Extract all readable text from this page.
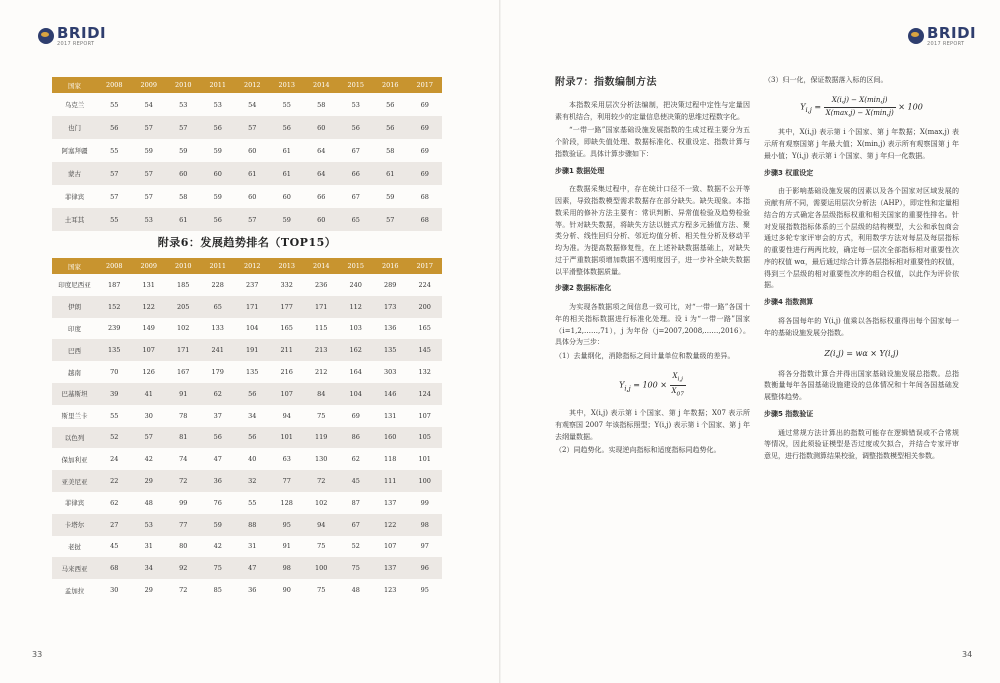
BRIDI
2017 REPORT
BRIDI
2017 REPORT
国家	2008	2009	2010	2011	2012	2013	2014	2015	2016	2017
乌克兰	55	54	53	53	54	55	58	53	56	69
也门	56	57	57	56	57	56	60	56	56	69
阿塞拜疆	55	59	59	59	60	61	64	67	58	69
蒙古	57	57	60	60	61	61	64	66	61	69
菲律宾	57	57	58	59	60	60	66	67	59	68
土耳其	55	53	61	56	57	59	60	65	57	68
附录6：发展趋势排名（TOP15）
国家	2008	2009	2010	2011	2012	2013	2014	2015	2016	2017
印度尼西亚	187	131	185	228	237	332	236	240	289	224
伊朗	152	122	205	65	171	177	171	112	173	200
印度	239	149	102	133	104	165	115	103	136	165
巴西	135	107	171	241	191	211	213	162	135	145
越南	70	126	167	179	135	216	212	164	303	132
巴基斯坦	39	41	91	62	56	107	84	104	146	124
斯里兰卡	55	30	78	37	34	94	75	69	131	107
以色列	52	57	81	56	56	101	119	86	160	105
保加利亚	24	42	74	47	40	63	130	62	118	101
亚美尼亚	22	29	72	36	32	77	72	45	111	100
菲律宾	62	48	99	76	55	128	102	87	137	99
卡塔尔	27	53	77	59	88	95	94	67	122	98
老挝	45	31	80	42	31	91	75	52	107	97
马来西亚	68	34	92	75	47	98	100	75	137	96
孟加拉	30	29	72	85	36	90	75	48	123	95
附录7：指数编制方法

本指数采用层次分析法编制，把决策过程中定性与定量因素有机结合，利用较少的定量信息使决策的思维过程数字化。

“一带一路”国家基础设施发展指数的生成过程主要分为五个阶段，即缺失值处理、数据标准化、权重设定、指数计算与指数验证。具体计算步骤如下：

步骤1 数据处理

在数据采集过程中，存在统计口径不一致、数据不公开等因素，导致指数模型需求数据存在部分缺失。缺失现象。本指数采用的修补方法主要有：常识判断、异常值检验及趋势检验等。针对缺失数据，将缺失方法以链式方程多元插值方法、聚类分析、线性回归分析、邻近均值分析、相关性分析及移动平均为准。为提高数据修复性，在上述补缺数据基础上，对缺失过于严重数据项增加数据不透明度因子，进一步补全缺失数据以平滑整体数据质量。

步骤2 数据标准化

为实现各数据项之间信息一致可比，对“一带一路”各国十年的相关指标数据进行标准化处理。设 i 为“一带一路”国家（i=1,2,……,71），j 为年份（j=2007,2008,……,2016）。具体分为三步：

（1）去量纲化，消除指标之间计量单位和数量级的差异。

$Y_{i,j} = 100 \times \frac{X_{i,j}}{X_{07}}$

其中，X(i,j) 表示第 i 个国家、第 j 年数据；X07 表示所有观察国 2007 年该指标照型；Y(i,j) 表示第 i 个国家、第 j 年去纲量数据。

（2）同趋势化。实现逆向指标和适度指标同趋势化。

（3）归一化，保证数据落入标的区间。

$Y_{i,j} = \frac{X(i,j) - X(\min,j)}{X(\max,j) - X(\min,j)} \times 100$

其中，X(i,j) 表示第 i 个国家、第 j 年数据；X(max,j) 表示所有观察国第 j 年最大值；X(min,j) 表示所有观察国第 j 年最小值；Y(i,j) 表示第 i 个国家、第 j 年归一化数据。

步骤3 权重设定

由于影响基础设施发展的因素以及各个国家对区域发展的贡献有所不同，需要运用层次分析法（AHP），即定性和定量相结合的方式确定各层级指标权重和相关国家的重要性排名。针对发展指数指标体系的三个层级的结构模型，大公和承包商会通过多轮专家评审会的方式，利用数学方法对每层及每层指标的重要性进行两两比较，确定每一层次全部指标相对重要性次序的权值 wα，最后通过综合计算各层指标相对重要性的权值，得到三个层级的相对重要性次序的组合权值，以此作为评价依据。

步骤4 指数测算

将各国每年的 Y(i,j) 值乘以各指标权重得出每个国家每一年的基础设施发展分指数。

Z(i,j) = wα × Y(i,j)

将各分指数计算合并得出国家基础设施发展总指数。总指数衡量每年各国基础设施建设的总体情况和十年间各国基础发展整体趋势。

步骤5 指数验证

通过常规方法计算出的指数可能存在逻辑错误或不合常规等情况，因此须验证模型是否过度或欠拟合，并结合专家评审意见，进行指数测算结果校验，调整指数模型相关参数。

33	34
